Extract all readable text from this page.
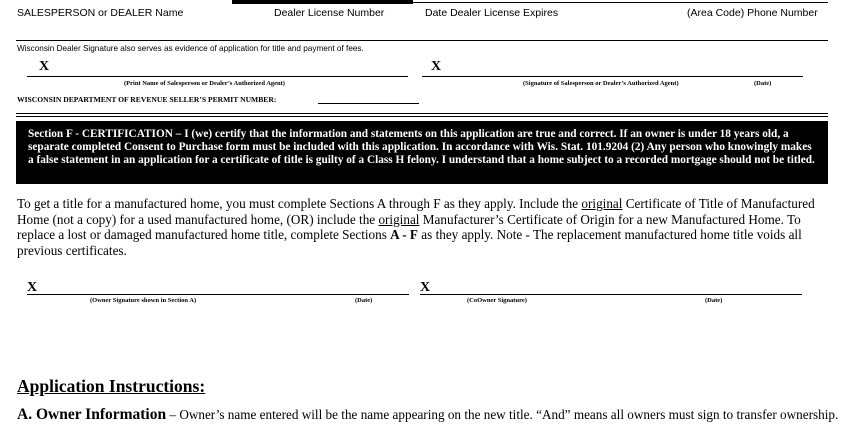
SALESPERSON or DEALER Name	Dealer License Number	Date Dealer License Expires	(Area Code) Phone Number
Wisconsin Dealer Signature also serves as evidence of application for title and payment of fees.
X	X
(Print Name of Salesperson or Dealer’s Authorized Agent)	(Signature of Salesperson or Dealer’s Authorized Agent)	(Date)
WISCONSIN DEPARTMENT OF REVENUE SELLER’S PERMIT NUMBER:
Section F - CERTIFICATION – I (we) certify that the information and statements on this application are true and correct. If an owner is under 18 years old, a separate completed Consent to Purchase form must be included with this application. In accordance with Wis. Stat. 101.9204 (2) Any person who knowingly makes a false statement in an application for a certificate of title is guilty of a Class H felony. I understand that a home subject to a recorded mortgage should not be titled.
To get a title for a manufactured home, you must complete Sections A through F as they apply. Include the original Certificate of Title of Manufactured Home (not a copy) for a used manufactured home, (OR) include the original Manufacturer’s Certificate of Origin for a new Manufactured Home. To replace a lost or damaged manufactured home title, complete Sections A - F as they apply. Note - The replacement manufactured home title voids all previous certificates.
X	X
(Owner Signature shown in Section A)	(Date)	(CoOwner Signature)	(Date)
Application Instructions:
A. Owner Information – Owner’s name entered will be the name appearing on the new title. “And” means all owners must sign to transfer ownership.
